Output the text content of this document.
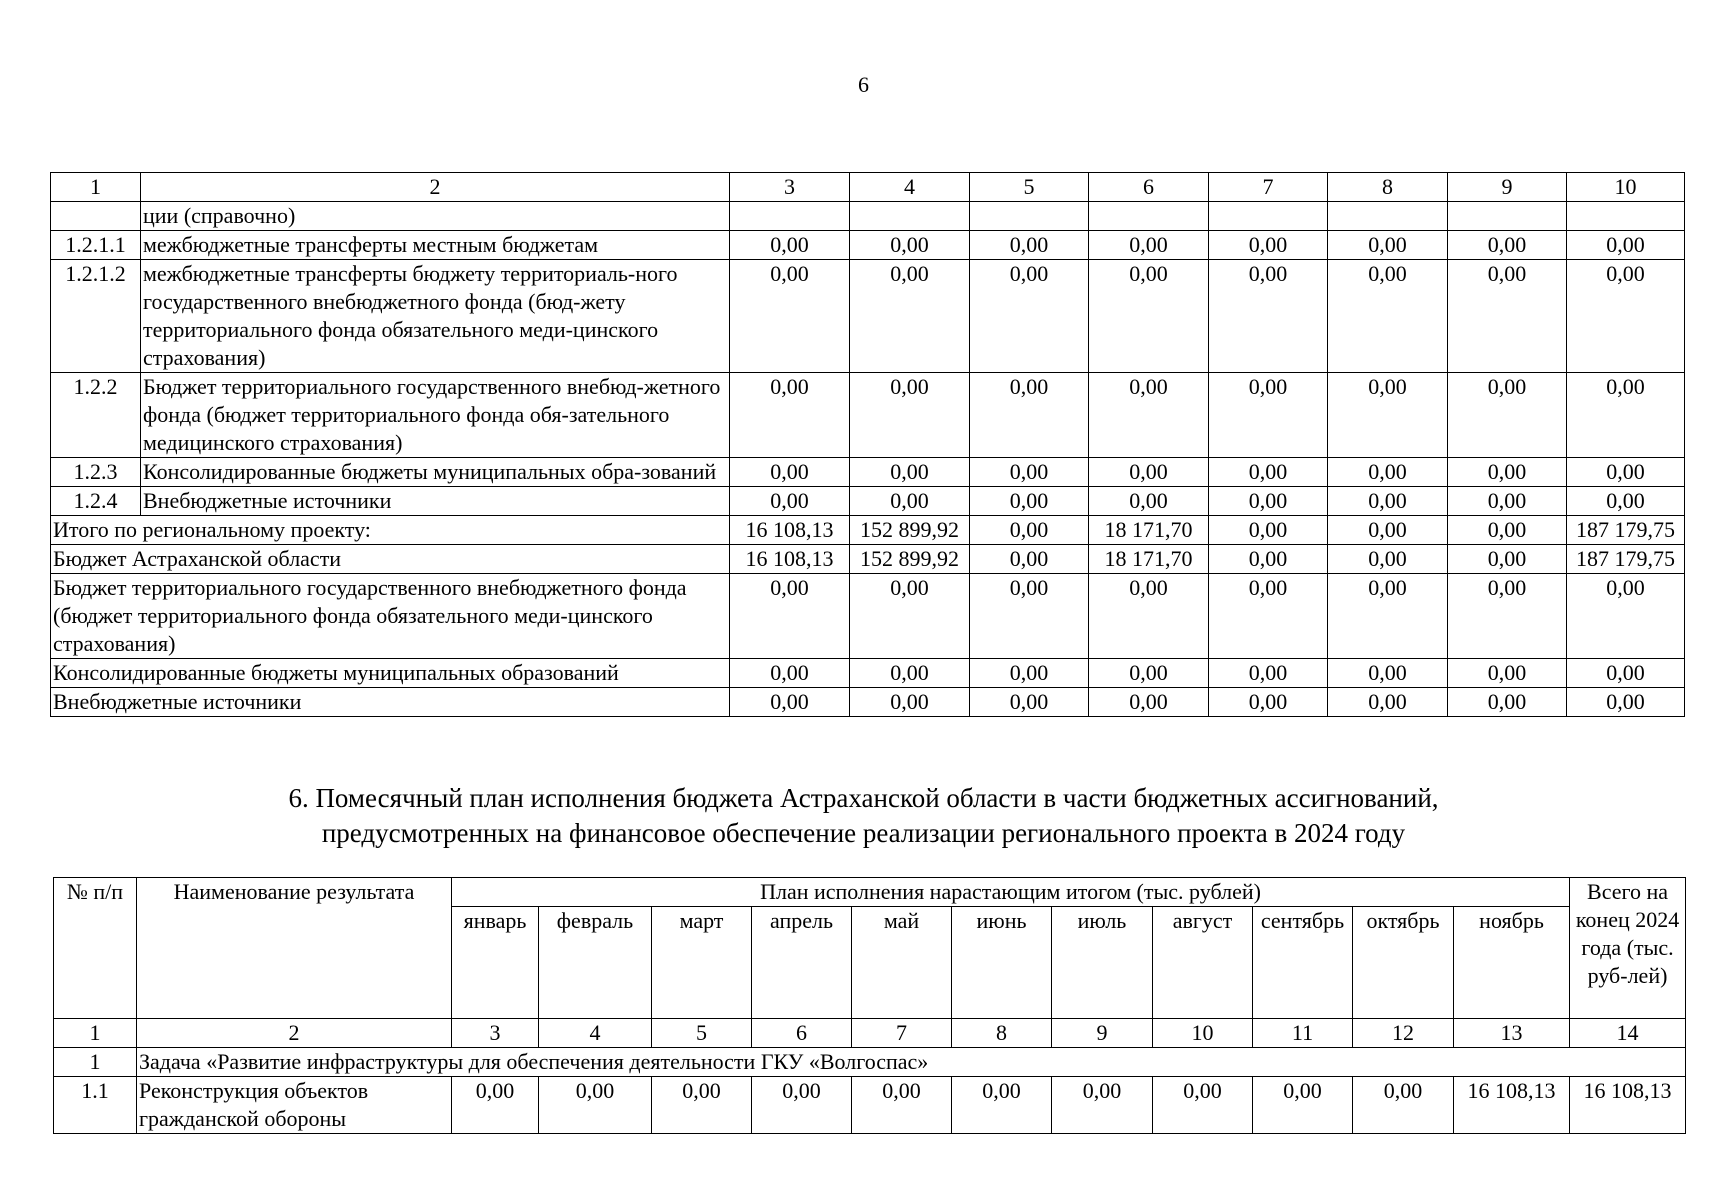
6
1	2	3	4	5	6	7	8	9	10
	ции (справочно)								
1.2.1.1	межбюджетные трансферты местным бюджетам	0,00	0,00	0,00	0,00	0,00	0,00	0,00	0,00
1.2.1.2	межбюджетные трансферты бюджету территориаль-ного государственного внебюджетного фонда (бюд-жету территориального фонда обязательного меди-цинского страхования)	0,00	0,00	0,00	0,00	0,00	0,00	0,00	0,00
1.2.2	Бюджет территориального государственного внебюд-жетного фонда (бюджет территориального фонда обя-зательного медицинского страхования)	0,00	0,00	0,00	0,00	0,00	0,00	0,00	0,00
1.2.3	Консолидированные бюджеты муниципальных обра-зований	0,00	0,00	0,00	0,00	0,00	0,00	0,00	0,00
1.2.4	Внебюджетные источники	0,00	0,00	0,00	0,00	0,00	0,00	0,00	0,00
Итого по региональному проекту:		16 108,13	152 899,92	0,00	18 171,70	0,00	0,00	0,00	187 179,75
Бюджет Астраханской области		16 108,13	152 899,92	0,00	18 171,70	0,00	0,00	0,00	187 179,75
Бюджет территориального государственного внебюджетного фонда (бюджет территориального фонда обязательного меди-цинского страхования)		0,00	0,00	0,00	0,00	0,00	0,00	0,00	0,00
Консолидированные бюджеты муниципальных образований		0,00	0,00	0,00	0,00	0,00	0,00	0,00	0,00
Внебюджетные источники		0,00	0,00	0,00	0,00	0,00	0,00	0,00	0,00
6. Помесячный план исполнения бюджета Астраханской области в части бюджетных ассигнований,
предусмотренных на финансовое обеспечение реализации регионального проекта в 2024 году
№ п/п	Наименование результата	План исполнения нарастающим итогом (тыс. рублей)											Всего на конец 2024 года (тыс. руб-лей)
		январь	февраль	март	апрель	май	июнь	июль	август	сентябрь	октябрь	ноябрь	
1	2	3	4	5	6	7	8	9	10	11	12	13	14
1	Задача «Развитие инфраструктуры для обеспечения деятельности ГКУ «Волгоспас»												
1.1	Реконструкция объектов гражданской обороны	0,00	0,00	0,00	0,00	0,00	0,00	0,00	0,00	0,00	0,00	16 108,13	16 108,13
